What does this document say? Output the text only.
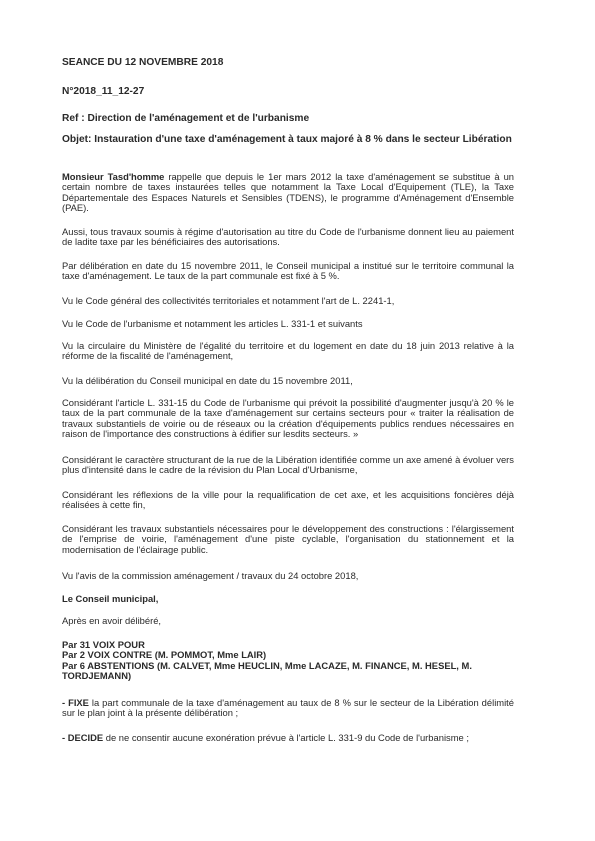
SEANCE DU 12 NOVEMBRE 2018
N°2018_11_12-27
Ref : Direction de l'aménagement et de l'urbanisme
Objet: Instauration d'une taxe d'aménagement à taux majoré à 8 % dans le secteur Libération
Monsieur Tasd'homme rappelle que depuis le 1er mars 2012 la taxe d'aménagement se substitue à un certain nombre de taxes instaurées telles que notamment la Taxe Local d'Equipement (TLE), la Taxe Départementale des Espaces Naturels et Sensibles (TDENS), le programme d'Aménagement d'Ensemble (PAE).
Aussi, tous travaux soumis à régime d'autorisation au titre du Code de l'urbanisme donnent lieu au paiement de ladite taxe par les bénéficiaires des autorisations.
Par délibération en date du 15 novembre 2011, le Conseil municipal a institué sur le territoire communal la taxe d'aménagement. Le taux de la part communale est fixé à 5 %.
Vu le Code général des collectivités territoriales et notamment l'art de L. 2241-1,
Vu le Code de l'urbanisme et notamment les articles L. 331-1 et suivants
Vu la circulaire du Ministère de l'égalité du territoire et du logement en date du 18 juin 2013 relative à la réforme de la fiscalité de l'aménagement,
Vu la délibération du Conseil municipal en date du 15 novembre 2011,
Considérant l'article L. 331-15 du Code de l'urbanisme qui prévoit la possibilité d'augmenter jusqu'à 20 % le taux de la part communale de la taxe d'aménagement sur certains secteurs pour « traiter la réalisation de travaux substantiels de voirie ou de réseaux ou la création d'équipements publics rendues nécessaires en raison de l'importance des constructions à édifier sur lesdits secteurs. »
Considérant le caractère structurant de la rue de la Libération identifiée comme un axe amené à évoluer vers plus d'intensité dans le cadre de la révision du Plan Local d'Urbanisme,
Considérant les réflexions de la ville pour la requalification de cet axe, et les acquisitions foncières déjà réalisées à cette fin,
Considérant les travaux substantiels nécessaires pour le développement des constructions : l'élargissement de l'emprise de voirie, l'aménagement d'une piste cyclable, l'organisation du stationnement et la modernisation de l'éclairage public.
Vu l'avis de la commission aménagement / travaux du 24 octobre 2018,
Le Conseil municipal,
Après en avoir délibéré,
Par 31 VOIX POUR
Par 2 VOIX CONTRE (M. POMMOT, Mme LAIR)
Par 6 ABSTENTIONS (M. CALVET, Mme HEUCLIN, Mme LACAZE, M. FINANCE, M. HESEL, M. TORDJEMANN)
- FIXE la part communale de la taxe d'aménagement au taux de 8 % sur le secteur de la Libération délimité sur le plan joint à la présente délibération ;
- DECIDE de ne consentir aucune exonération prévue à l'article L. 331-9 du Code de l'urbanisme ;
